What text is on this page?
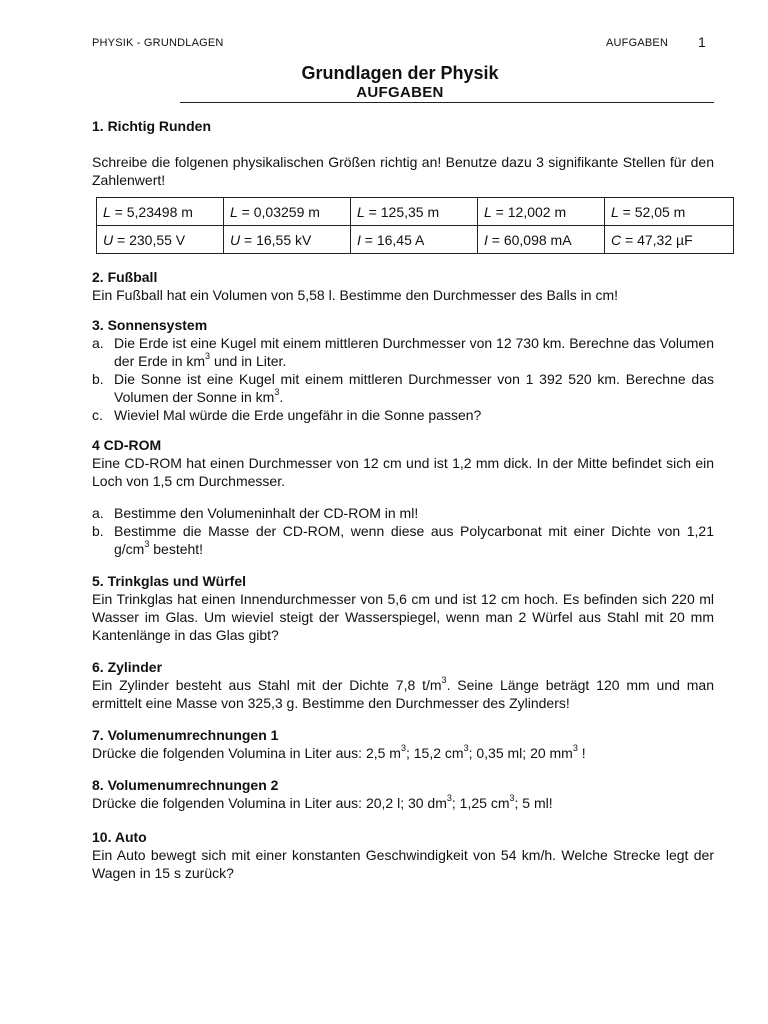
PHYSIK - GRUNDLAGEN	AUFGABEN 1
Grundlagen der Physik
AUFGABEN

1. Richtig Runden

Schreibe die folgenen physikalischen Größen richtig an! Benutze dazu 3 signifikante Stellen für den Zahlenwert!

L = 5,23498 m	L = 0,03259 m	L = 125,35 m	L = 12,002 m	L = 52,05 m
U = 230,55 V	U = 16,55 kV	I = 16,45 A	I = 60,098 mA	C = 47,32 µF

2. Fußball

Ein Fußball hat ein Volumen von 5,58 l. Bestimme den Durchmesser des Balls in cm!

3. Sonnensystem

a. Die Erde ist eine Kugel mit einem mittleren Durchmesser von 12 730 km. Berechne das Volumen der Erde in $km^3$ und in Liter.
b. Die Sonne ist eine Kugel mit einem mittleren Durchmesser von 1 392 520 km. Berechne das Volumen der Sonne in $km^3$.
c. Wieviel Mal würde die Erde ungefähr in die Sonne passen?

4 CD-ROM

Eine CD-ROM hat einen Durchmesser von 12 cm und ist 1,2 mm dick. In der Mitte befindet sich ein Loch von 1,5 cm Durchmesser.

a. Bestimme den Volumeninhalt der CD-ROM in ml!
b. Bestimme die Masse der CD-ROM, wenn diese aus Polycarbonat mit einer Dichte von 1,21 $g/cm^3$ besteht!

5. Trinkglas und Würfel

Ein Trinkglas hat einen Innendurchmesser von 5,6 cm und ist 12 cm hoch. Es befinden sich 220 ml Wasser im Glas. Um wieviel steigt der Wasserspiegel, wenn man 2 Würfel aus Stahl mit 20 mm Kantenlänge in das Glas gibt?

6. Zylinder

Ein Zylinder besteht aus Stahl mit der Dichte 7,8 $t/m^3$. Seine Länge beträgt 120 mm und man ermittelt eine Masse von 325,3 g. Bestimme den Durchmesser des Zylinders!

7. Volumenumrechnungen 1

Drücke die folgenden Volumina in Liter aus: 2,5 $m^3$; 15,2 $cm^3$; 0,35 ml; 20 $mm^3$ !

8. Volumenumrechnungen 2

Drücke die folgenden Volumina in Liter aus: 20,2 l; 30 $dm^3$; 1,25 $cm^3$; 5 ml!

10. Auto

Ein Auto bewegt sich mit einer konstanten Geschwindigkeit von 54 km/h. Welche Strecke legt der Wagen in 15 s zurück?
